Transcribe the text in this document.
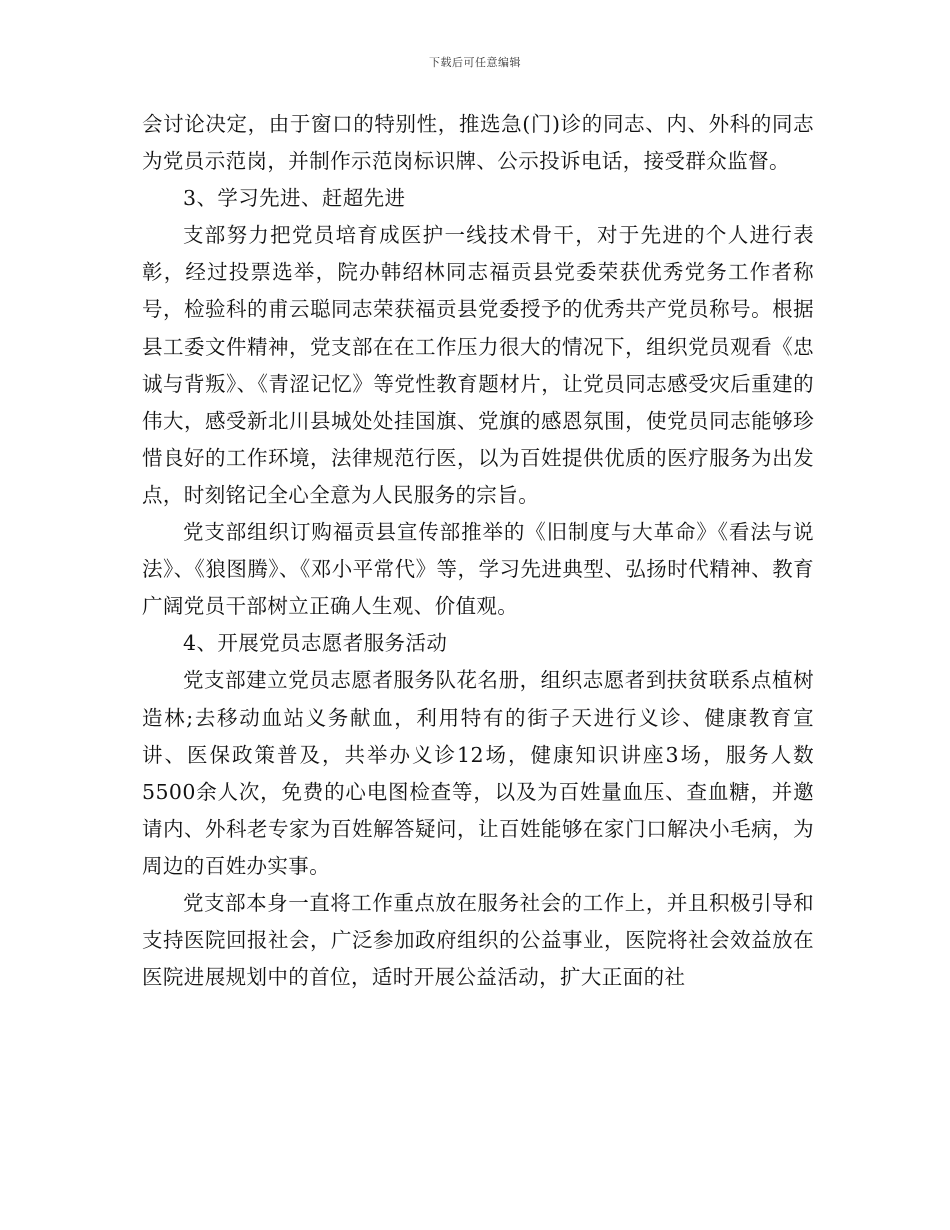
下载后可任意编辑

会讨论决定，由于窗口的特别性，推选急(门)诊的同志、内、外科的同志为党员示范岗，并制作示范岗标识牌、公示投诉电话，接受群众监督。

3、学习先进、赶超先进

支部努力把党员培育成医护一线技术骨干，对于先进的个人进行表彰，经过投票选举，院办韩绍林同志福贡县党委荣获优秀党务工作者称号，检验科的甫云聪同志荣获福贡县党委授予的优秀共产党员称号。根据县工委文件精神，党支部在在工作压力很大的情况下，组织党员观看《忠诚与背叛》、《青涩记忆》等党性教育题材片，让党员同志感受灾后重建的伟大，感受新北川县城处处挂国旗、党旗的感恩氛围，使党员同志能够珍惜良好的工作环境，法律规范行医，以为百姓提供优质的医疗服务为出发点，时刻铭记全心全意为人民服务的宗旨。

党支部组织订购福贡县宣传部推举的《旧制度与大革命》《看法与说法》、《狼图腾》、《邓小平常代》等，学习先进典型、弘扬时代精神、教育广阔党员干部树立正确人生观、价值观。

4、开展党员志愿者服务活动

党支部建立党员志愿者服务队花名册，组织志愿者到扶贫联系点植树造林;去移动血站义务献血，利用特有的街子天进行义诊、健康教育宣讲、医保政策普及，共举办义诊12场，健康知识讲座3场，服务人数5500余人次，免费的心电图检查等，以及为百姓量血压、查血糖，并邀请内、外科老专家为百姓解答疑问，让百姓能够在家门口解决小毛病，为周边的百姓办实事。

党支部本身一直将工作重点放在服务社会的工作上，并且积极引导和支持医院回报社会，广泛参加政府组织的公益事业，医院将社会效益放在医院进展规划中的首位，适时开展公益活动，扩大正面的社
